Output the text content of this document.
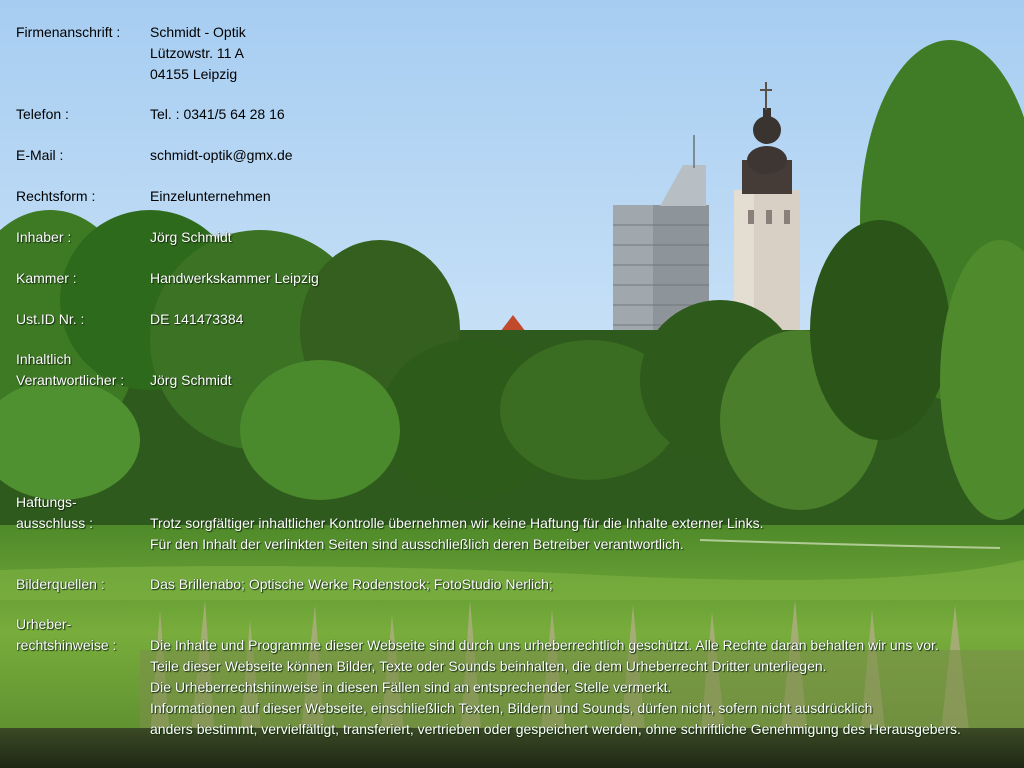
Firmenanschrift : Schmidt - Optik
Lützowstr. 11 A
04155 Leipzig
Telefon :	Tel. : 0341/5 64 28 16
E-Mail :	schmidt-optik@gmx.de
Rechtsform :	Einzelunternehmen
Inhaber :	Jörg Schmidt
Kammer :	Handwerkskammer Leipzig
Ust.ID Nr. :	DE 141473384
Inhaltlich
Verantwortlicher : Jörg Schmidt
Haftungs-
ausschluss :	Trotz sorgfältiger inhaltlicher Kontrolle übernehmen wir keine Haftung für die Inhalte externer Links.
Für den Inhalt der verlinkten Seiten sind ausschließlich deren Betreiber verantwortlich.
Bilderquellen :	Das Brillenabo; Optische Werke Rodenstock; FotoStudio Nerlich;
Urheber-
rechtshinweise : Die Inhalte und Programme dieser Webseite sind durch uns urheberrechtlich geschützt. Alle Rechte daran behalten wir uns vor.
Teile dieser Webseite können Bilder, Texte oder Sounds beinhalten, die dem Urheberrecht Dritter unterliegen.
Die Urheberrechtshinweise in diesen Fällen sind an entsprechender Stelle vermerkt.
Informationen auf dieser Webseite, einschließlich Texten, Bildern und Sounds, dürfen nicht, sofern nicht ausdrücklich
anders bestimmt, vervielfältigt, transferiert, vertrieben oder gespeichert werden, ohne schriftliche Genehmigung des Herausgebers.
